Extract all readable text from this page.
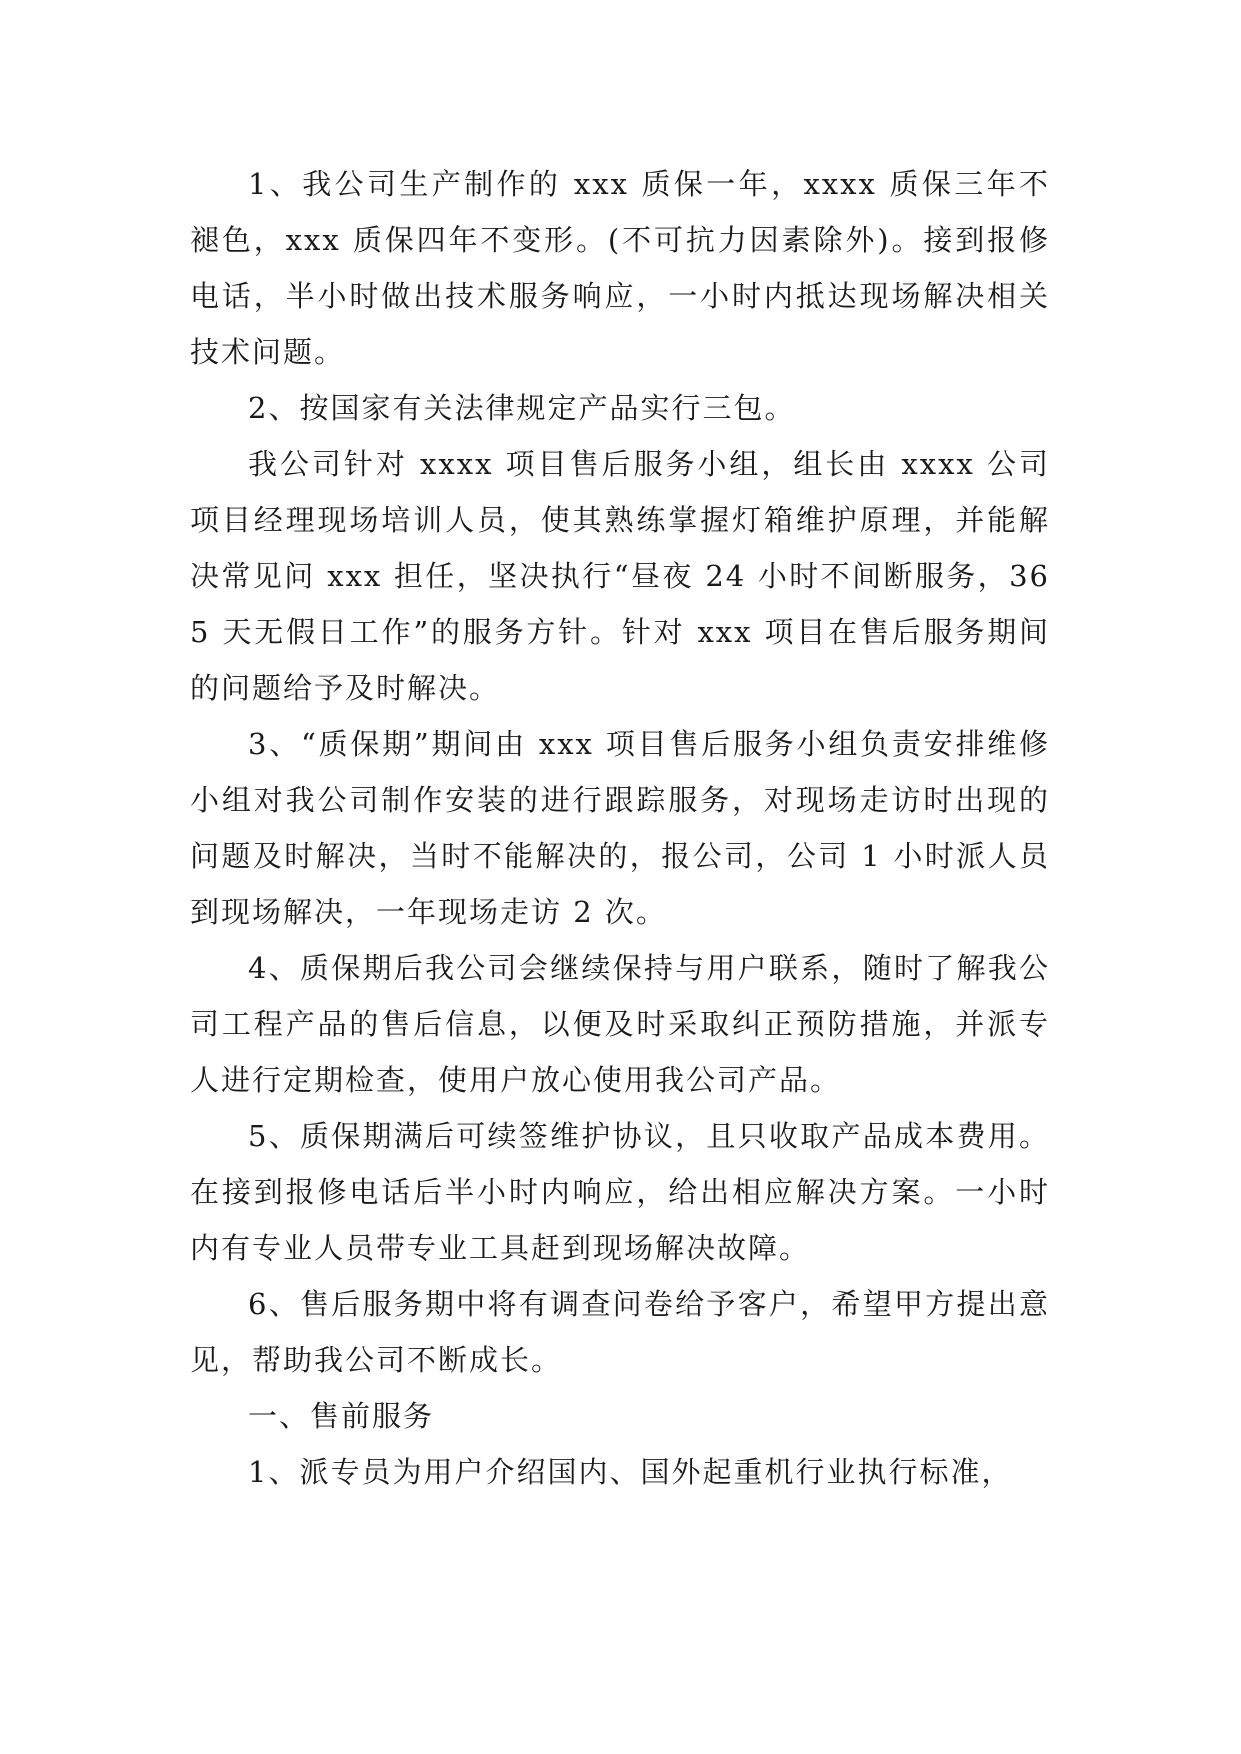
1、我公司生产制作的 xxx 质保一年，xxxx 质保三年不褪色，xxx 质保四年不变形。(不可抗力因素除外)。接到报修电话，半小时做出技术服务响应，一小时内抵达现场解决相关技术问题。

2、按国家有关法律规定产品实行三包。

我公司针对 xxxx 项目售后服务小组，组长由 xxxx 公司项目经理现场培训人员，使其熟练掌握灯箱维护原理，并能解决常见问 xxx 担任，坚决执行“昼夜 24 小时不间断服务，365 天无假日工作”的服务方针。针对 xxx 项目在售后服务期间的问题给予及时解决。

3、“质保期”期间由 xxx 项目售后服务小组负责安排维修小组对我公司制作安装的进行跟踪服务，对现场走访时出现的问题及时解决，当时不能解决的，报公司，公司 1 小时派人员到现场解决，一年现场走访 2 次。

4、质保期后我公司会继续保持与用户联系，随时了解我公司工程产品的售后信息，以便及时采取纠正预防措施，并派专人进行定期检查，使用户放心使用我公司产品。

5、质保期满后可续签维护协议，且只收取产品成本费用。在接到报修电话后半小时内响应，给出相应解决方案。一小时内有专业人员带专业工具赶到现场解决故障。

6、售后服务期中将有调查问卷给予客户，希望甲方提出意见，帮助我公司不断成长。

一、售前服务

1、派专员为用户介绍国内、国外起重机行业执行标准，
